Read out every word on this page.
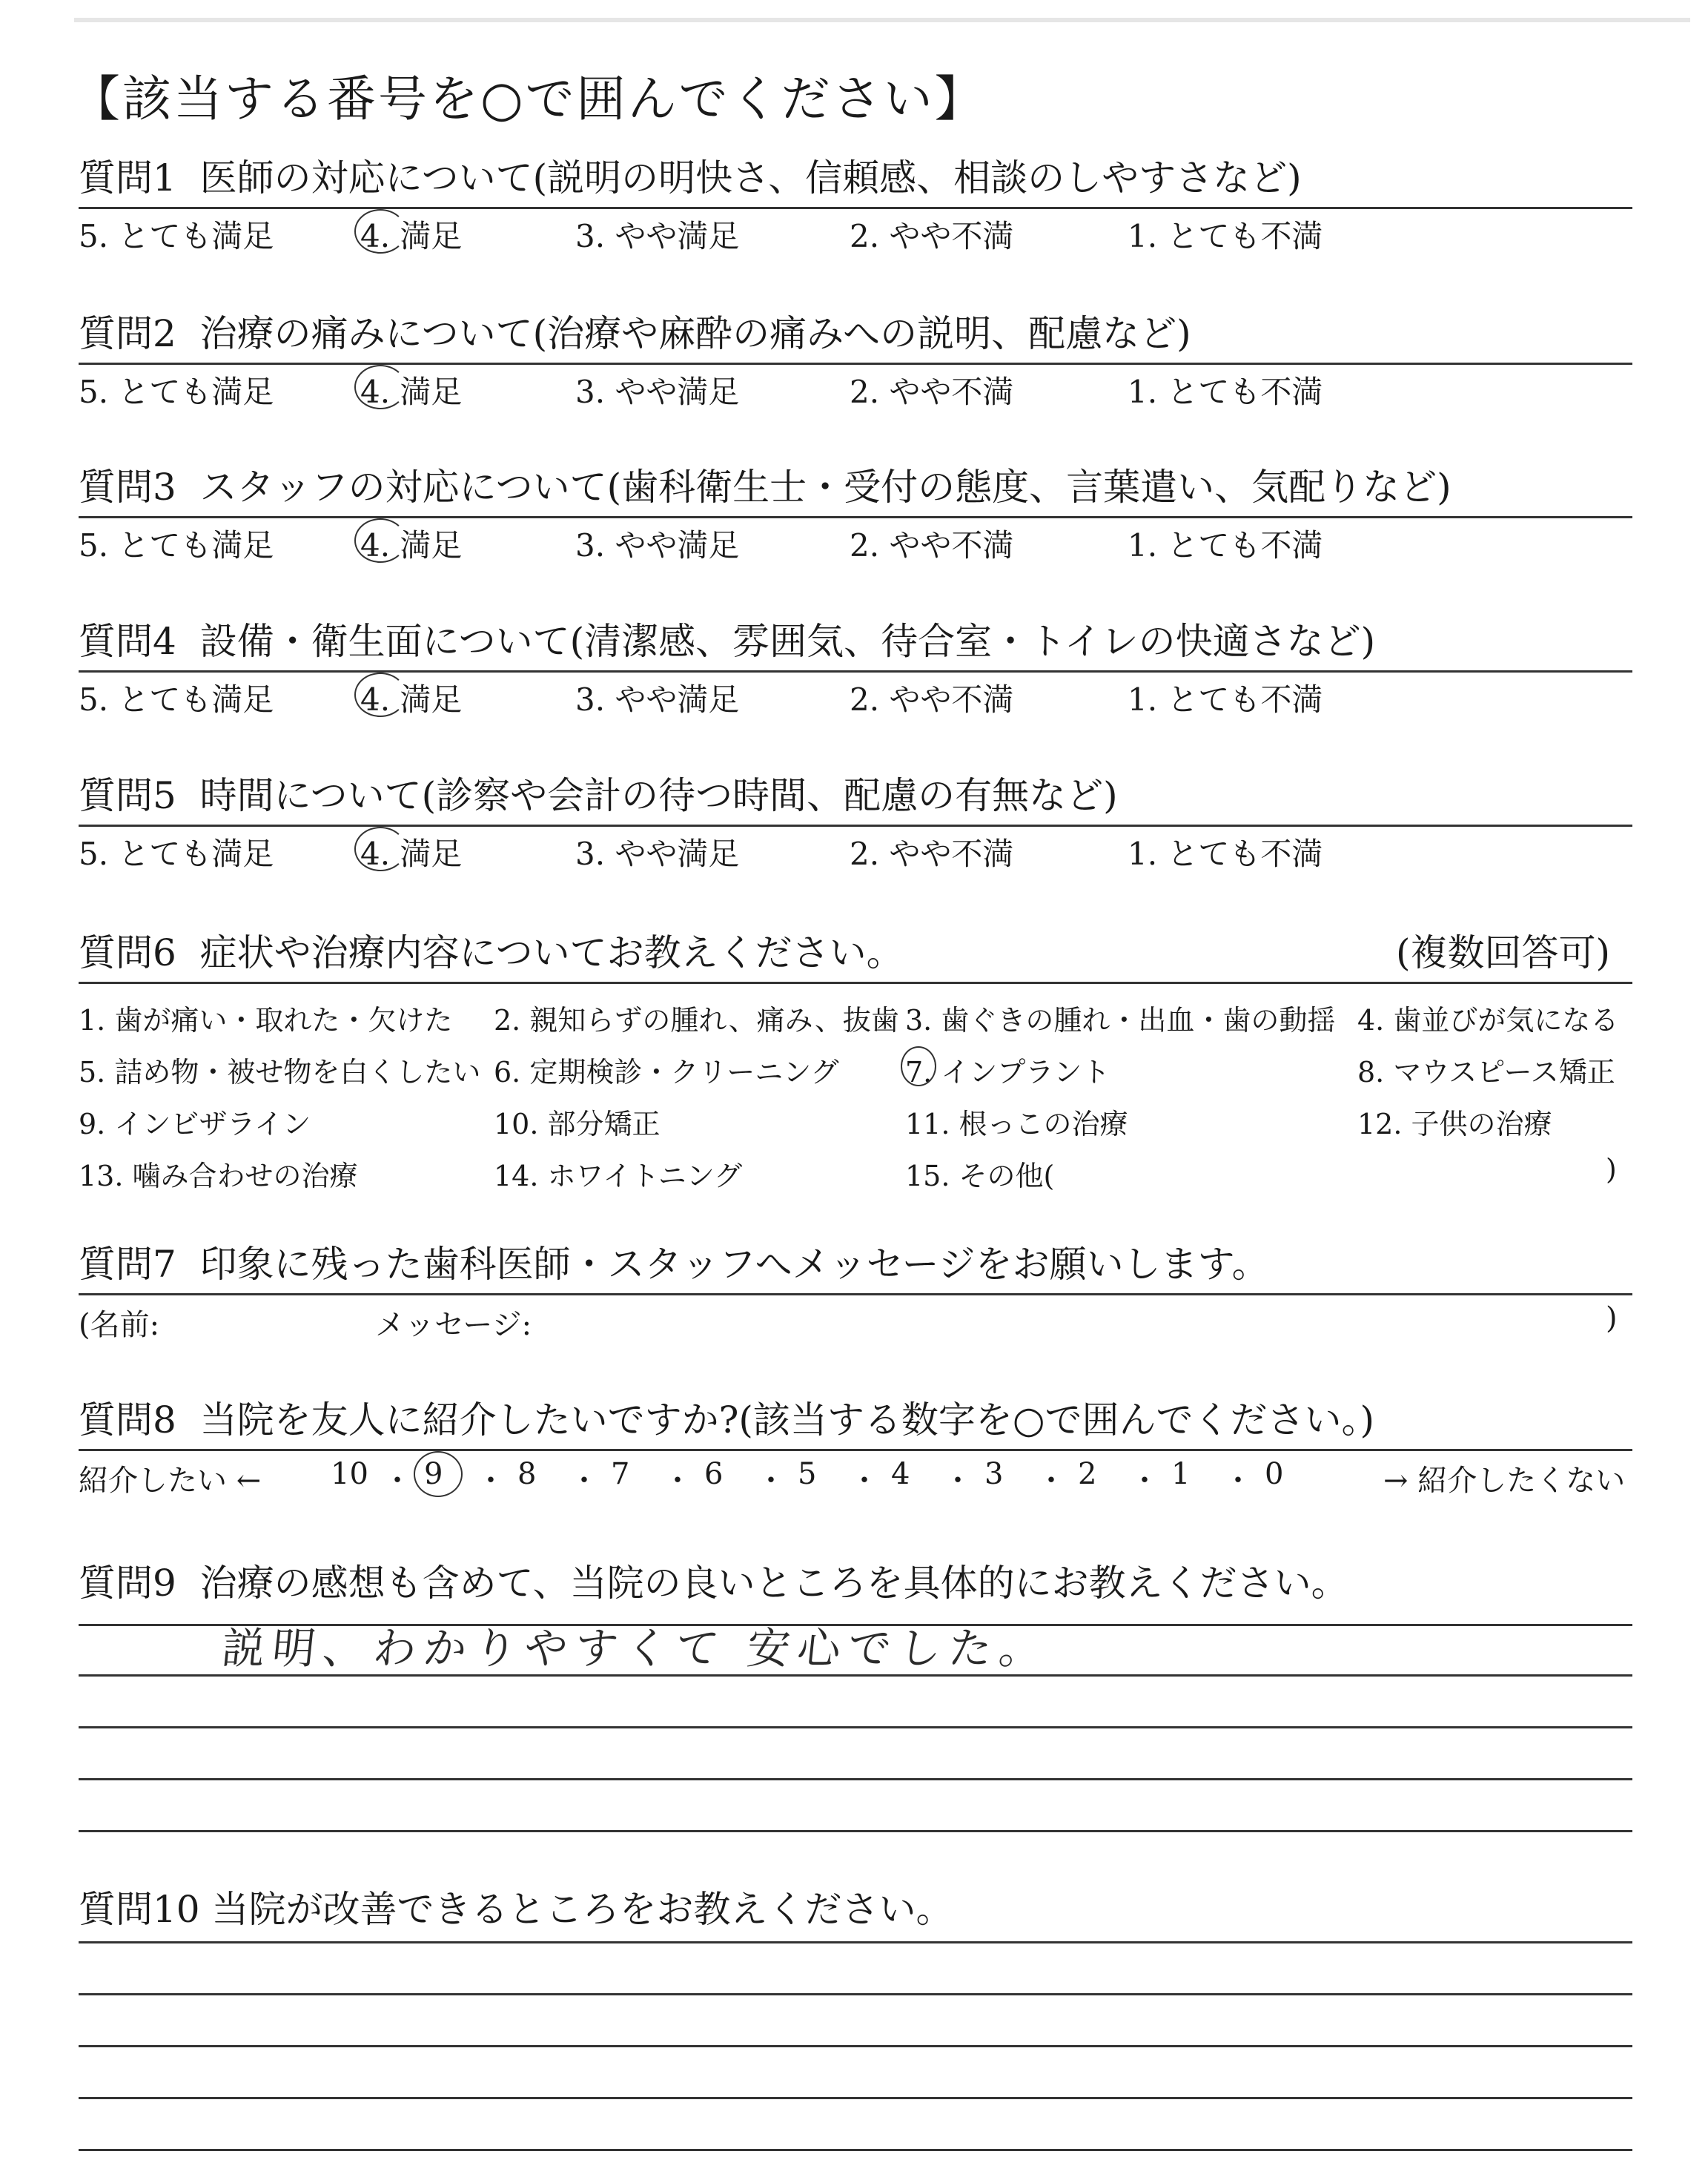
【該当する番号を○で囲んでください】
質問1 医師の対応について(説明の明快さ、信頼感、相談のしやすさなど)
5. とても満足	4. 満足	3. やや満足	2. やや不満	1. とても不満
質問2 治療の痛みについて(治療や麻酔の痛みへの説明、配慮など)
5. とても満足	4. 満足	3. やや満足	2. やや不満	1. とても不満
質問3 スタッフの対応について(歯科衛生士・受付の態度、言葉遣い、気配りなど)
5. とても満足	4. 満足	3. やや満足	2. やや不満	1. とても不満
質問4 設備・衛生面について(清潔感、雰囲気、待合室・トイレの快適さなど)
5. とても満足	4. 満足	3. やや満足	2. やや不満	1. とても不満
質問5 時間について(診察や会計の待つ時間、配慮の有無など)
5. とても満足	4. 満足	3. やや満足	2. やや不満	1. とても不満
質問6 症状や治療内容についてお教えください。	(複数回答可)
1. 歯が痛い・取れた・欠けた 2. 親知らずの腫れ、痛み、抜歯 3. 歯ぐきの腫れ・出血・歯の動揺 4. 歯並びが気になる
5. 詰め物・被せ物を白くしたい 6. 定期検診・クリーニング 7. インプラント	8. マウスピース矯正
9. インビザライン	10. 部分矯正	11. 根っこの治療	12. 子供の治療
13. 噛み合わせの治療	14. ホワイトニング	15. その他(	)
質問7 印象に残った歯科医師・スタッフへメッセージをお願いします。
(名前:	メッセージ:	)
質問8 当院を友人に紹介したいですか?(該当する数字を○で囲んでください。)
紹介したい ←	→ 紹介したくない
10 ・ 9 ・ 8 ・ 7 ・ 6 ・ 5 ・ 4 ・ 3 ・ 2 ・ 1 ・ 0
質問9 治療の感想も含めて、当院の良いところを具体的にお教えください。
説明、わかりやすくて 安心でした。
質問10 当院が改善できるところをお教えください。
